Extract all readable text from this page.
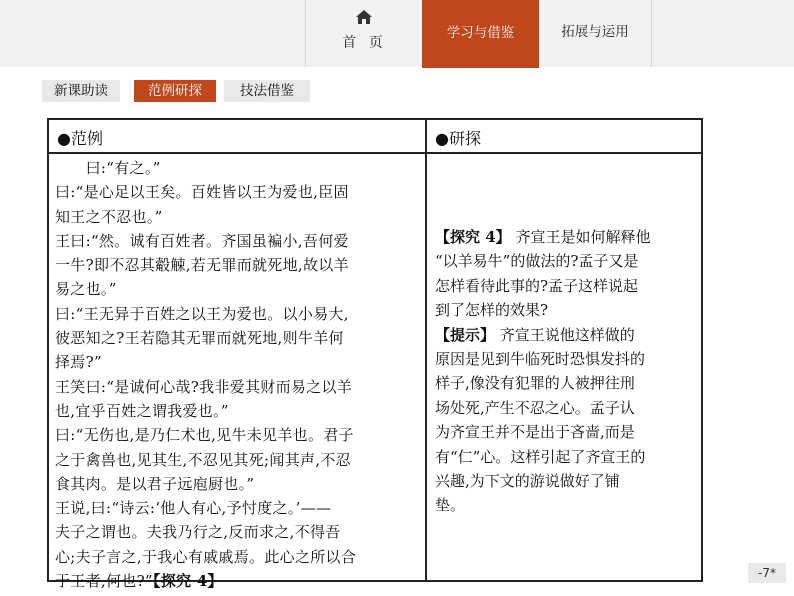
首 页
学习与借鉴	拓展与运用
新课助读	范例研探	技法借鉴
●范例	●研探
　　曰:“有之。”
曰:“是心足以王矣。百姓皆以王为爱也,臣固
知王之不忍也。”
王曰:“然。诚有百姓者。齐国虽褊小,吾何爱
一牛?即不忍其觳觫,若无罪而就死地,故以羊
易之也。”
曰:“王无异于百姓之以王为爱也。以小易大,
彼恶知之?王若隐其无罪而就死地,则牛羊何
择焉?”
王笑曰:“是诚何心哉?我非爱其财而易之以羊
也,宜乎百姓之谓我爱也。”
曰:“无伤也,是乃仁术也,见牛未见羊也。君子
之于禽兽也,见其生,不忍见其死;闻其声,不忍
食其肉。是以君子远庖厨也。”
王说,曰:“诗云:‘他人有心,予忖度之。’——
夫子之谓也。夫我乃行之,反而求之,不得吾
心;夫子言之,于我心有戚戚焉。此心之所以合
于王者,何也?”【探究 4】
【探究 4】 齐宣王是如何解释他
“以羊易牛”的做法的?孟子又是
怎样看待此事的?孟子这样说起
到了怎样的效果?
【提示】 齐宣王说他这样做的
原因是见到牛临死时恐惧发抖的
样子,像没有犯罪的人被押往刑
场处死,产生不忍之心。孟子认
为齐宣王并不是出于吝啬,而是
有“仁”心。这样引起了齐宣王的
兴趣,为下文的游说做好了铺
垫。
-7*
